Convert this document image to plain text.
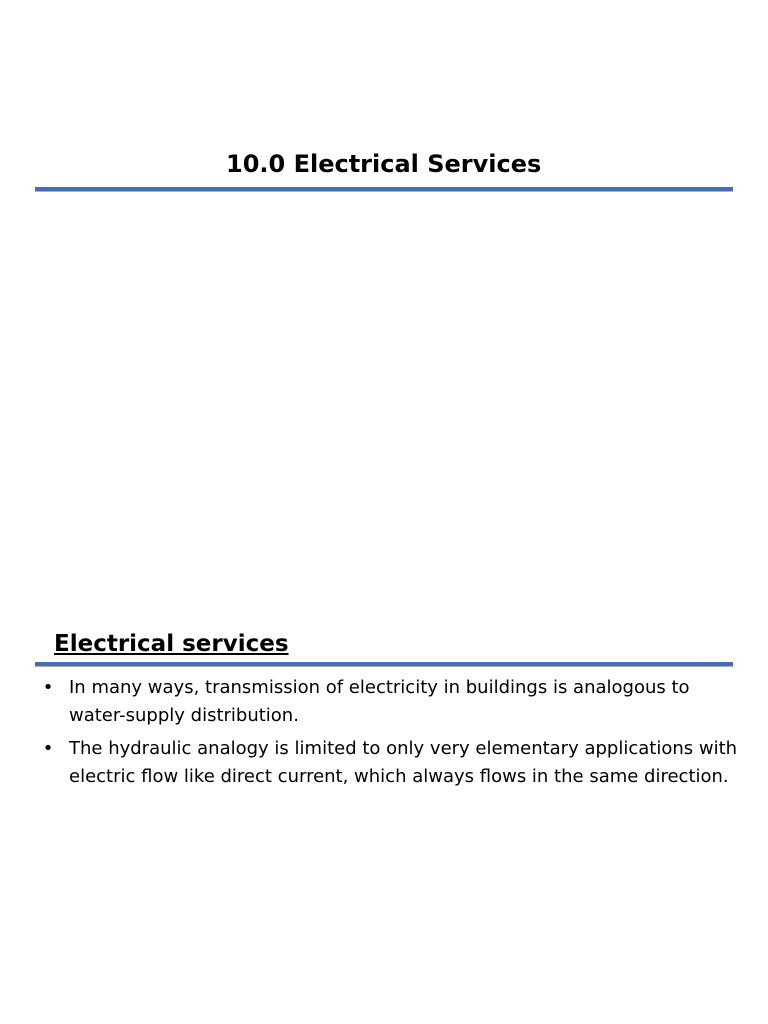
10.0 Electrical Services
Electrical services
• In many ways, transmission of electricity in buildings is analogous to water-supply distribution.
• The hydraulic analogy is limited to only very elementary applications with electric flow like direct current, which always flows in the same direction.
